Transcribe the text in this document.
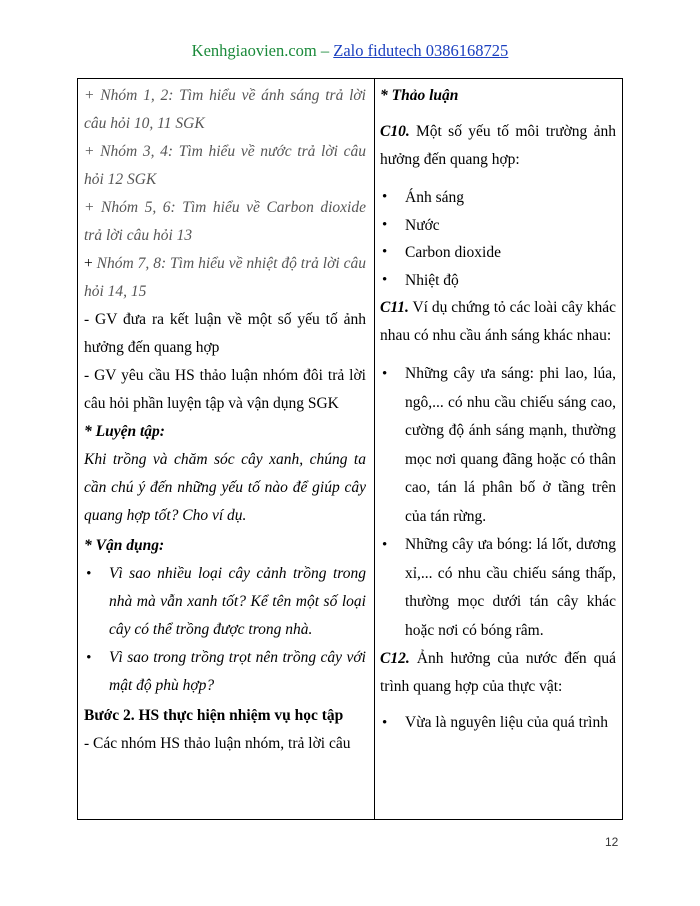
Kenhgiaovien.com – Zalo fidutech 0386168725

+ Nhóm 1, 2: Tìm hiểu về ánh sáng trả lời câu hỏi 10, 11 SGK

+ Nhóm 3, 4: Tìm hiểu về nước trả lời câu hỏi 12 SGK

+ Nhóm 5, 6: Tìm hiểu về Carbon dioxide trả lời câu hỏi 13

+ Nhóm 7, 8: Tìm hiểu về nhiệt độ trả lời câu hỏi 14, 15

- GV đưa ra kết luận về một số yếu tố ảnh hưởng đến quang hợp

- GV yêu cầu HS thảo luận nhóm đôi trả lời câu hỏi phần luyện tập và vận dụng SGK

* Luyện tập:

Khi trồng và chăm sóc cây xanh, chúng ta cần chú ý đến những yếu tố nào để giúp cây quang hợp tốt? Cho ví dụ.

* Vận dụng:

• Vì sao nhiều loại cây cảnh trồng trong nhà mà vẫn xanh tốt? Kể tên một số loại cây có thể trồng được trong nhà.
• Vì sao trong trồng trọt nên trồng cây với mật độ phù hợp?

Bước 2. HS thực hiện nhiệm vụ học tập

- Các nhóm HS thảo luận nhóm, trả lời câu

* Thảo luận

C10. Một số yếu tố môi trường ảnh hưởng đến quang hợp:

• Ánh sáng
• Nước
• Carbon dioxide
• Nhiệt độ

C11. Ví dụ chứng tỏ các loài cây khác nhau có nhu cầu ánh sáng khác nhau:

• Những cây ưa sáng: phi lao, lúa, ngô,... có nhu cầu chiếu sáng cao, cường độ ánh sáng mạnh, thường mọc nơi quang đãng hoặc có thân cao, tán lá phân bố ở tầng trên của tán rừng.
• Những cây ưa bóng: lá lốt, dương xỉ,... có nhu cầu chiếu sáng thấp, thường mọc dưới tán cây khác hoặc nơi có bóng râm.

C12. Ảnh hưởng của nước đến quá trình quang hợp của thực vật:

• Vừa là nguyên liệu của quá trình
12
